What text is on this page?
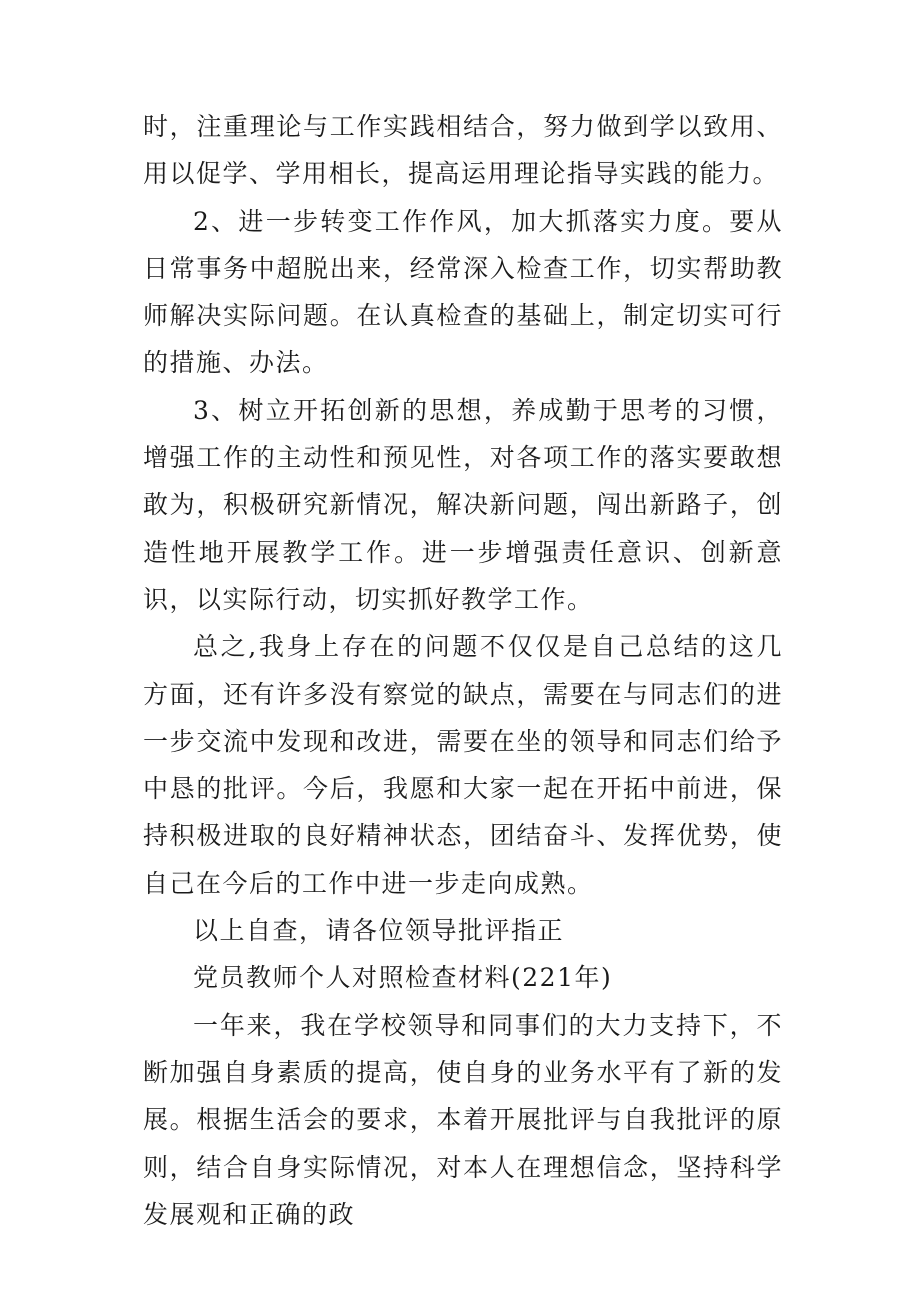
时，注重理论与工作实践相结合，努力做到学以致用、用以促学、学用相长，提高运用理论指导实践的能力。

2、进一步转变工作作风，加大抓落实力度。要从日常事务中超脱出来，经常深入检查工作，切实帮助教师解决实际问题。在认真检查的基础上，制定切实可行的措施、办法。

3、树立开拓创新的思想，养成勤于思考的习惯，增强工作的主动性和预见性，对各项工作的落实要敢想敢为，积极研究新情况，解决新问题，闯出新路子，创造性地开展教学工作。进一步增强责任意识、创新意识，以实际行动，切实抓好教学工作。

总之,我身上存在的问题不仅仅是自己总结的这几方面，还有许多没有察觉的缺点，需要在与同志们的进一步交流中发现和改进，需要在坐的领导和同志们给予中恳的批评。今后，我愿和大家一起在开拓中前进，保持积极进取的良好精神状态，团结奋斗、发挥优势，使自己在今后的工作中进一步走向成熟。

以上自查，请各位领导批评指正

党员教师个人对照检查材料(221年)

一年来，我在学校领导和同事们的大力支持下，不断加强自身素质的提高，使自身的业务水平有了新的发展。根据生活会的要求，本着开展批评与自我批评的原则，结合自身实际情况，对本人在理想信念，坚持科学发展观和正确的政
